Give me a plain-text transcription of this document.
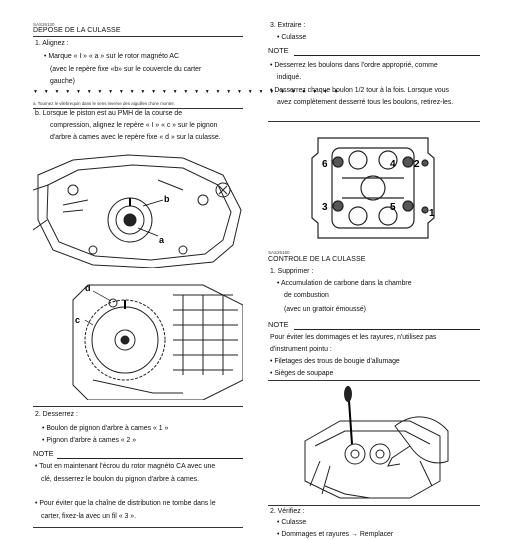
SAS26130
DEPOSE DE LA CULASSE
1. Alignez :
• Marque « I » « a » sur le rotor magnéto AC
(avec le repère fixe «b» sur le couvercle du carter
gauche)
▼ ▼ ▼ ▼ ▼ ▼ ▼ ▼ ▼ ▼ ▼ ▼ ▼ ▼ ▼ ▼ ▼ ▼ ▼ ▼ ▼ ▼ ▼ ▼ ▼ ▼ ▼ ▼ ▼
a. Tournez le vilebrequin dans le sens inverse des aiguilles d'une montre.
b. Lorsque le piston est au PMH de la course de
compression, alignez le repère « I » « c » sur le pignon
d'arbre à cames avec le repère fixe « d » sur la culasse.
b
a
d
c
2. Desserrez :
• Boulon de pignon d'arbre à cames « 1 »
• Pignon d'arbre à cames « 2 »
NOTE
• Tout en maintenant l'écrou du rotor magnéto CA avec une
clé, desserrez le boulon du pignon d'arbre à cames.
• Pour éviter que la chaîne de distribution ne tombe dans le
carter, fixez-la avec un fil « 3 ».
3. Extraire :
• Culasse
NOTE
• Desserrez les boulons dans l'ordre approprié, comme
indiqué.
• Desserrez chaque boulon 1/2 tour à la fois. Lorsque vous
avez complètement desserré tous les boulons, retirez-les.
6	4 2
3	5
1
SAS26160
CONTROLE DE LA CULASSE
1. Supprimer :
• Accumulation de carbone dans la chambre
de combustion
(avec un grattoir émoussé)
NOTE
Pour éviter les dommages et les rayures, n'utilisez pas
d'instrument pointu :
• Filetages des trous de bougie d'allumage
• Sièges de soupape
2. Vérifiez :
• Culasse
• Dommages et rayures → Remplacer
